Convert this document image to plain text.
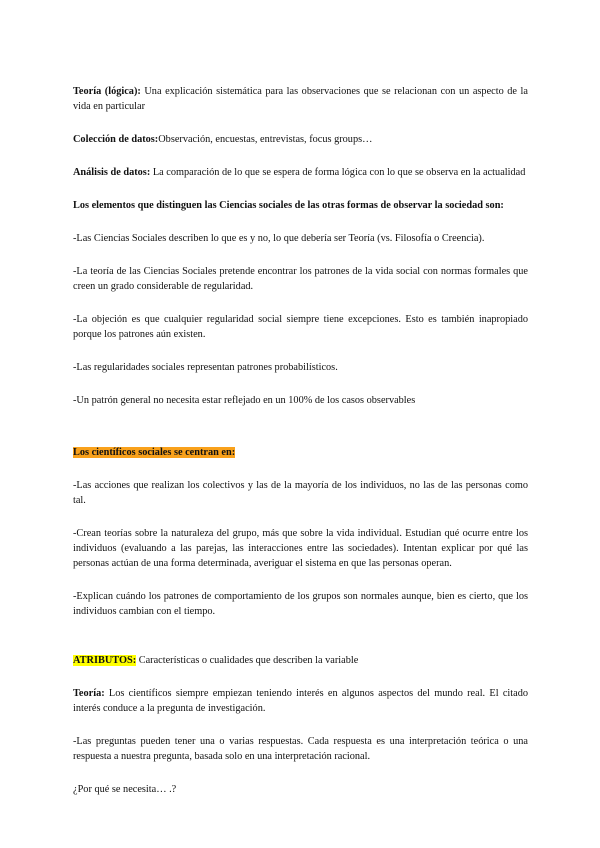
Teoría (lógica): Una explicación sistemática para las observaciones que se relacionan con un aspecto de la vida en particular

Colección de datos:Observación, encuestas, entrevistas, focus groups…

Análisis de datos: La comparación de lo que se espera de forma lógica con lo que se observa en la actualidad

Los elementos que distinguen las Ciencias sociales de las otras formas de observar la sociedad son:

-Las Ciencias Sociales describen lo que es y no, lo que debería ser Teoría (vs. Filosofía o Creencia).

-La teoría de las Ciencias Sociales pretende encontrar los patrones de la vida social con normas formales que creen un grado considerable de regularidad.

-La objeción es que cualquier regularidad social siempre tiene excepciones. Esto es también inapropiado porque los patrones aún existen.

-Las regularidades sociales representan patrones probabilísticos.

-Un patrón general no necesita estar reflejado en un 100% de los casos observables

Los científicos sociales se centran en:

-Las acciones que realizan los colectivos y las de la mayoría de los individuos, no las de las personas como tal.

-Crean teorías sobre la naturaleza del grupo, más que sobre la vida individual. Estudian qué ocurre entre los individuos (evaluando a las parejas, las interacciones entre las sociedades). Intentan explicar por qué las personas actúan de una forma determinada, averiguar el sistema en que las personas operan.

-Explican cuándo los patrones de comportamiento de los grupos son normales aunque, bien es cierto, que los individuos cambian con el tiempo.

ATRIBUTOS: Características o cualidades que describen la variable

Teoría: Los científicos siempre empiezan teniendo interés en algunos aspectos del mundo real. El citado interés conduce a la pregunta de investigación.

-Las preguntas pueden tener una o varias respuestas. Cada respuesta es una interpretación teórica o una respuesta a nuestra pregunta, basada solo en una interpretación racional.

¿Por qué se necesita… .?
